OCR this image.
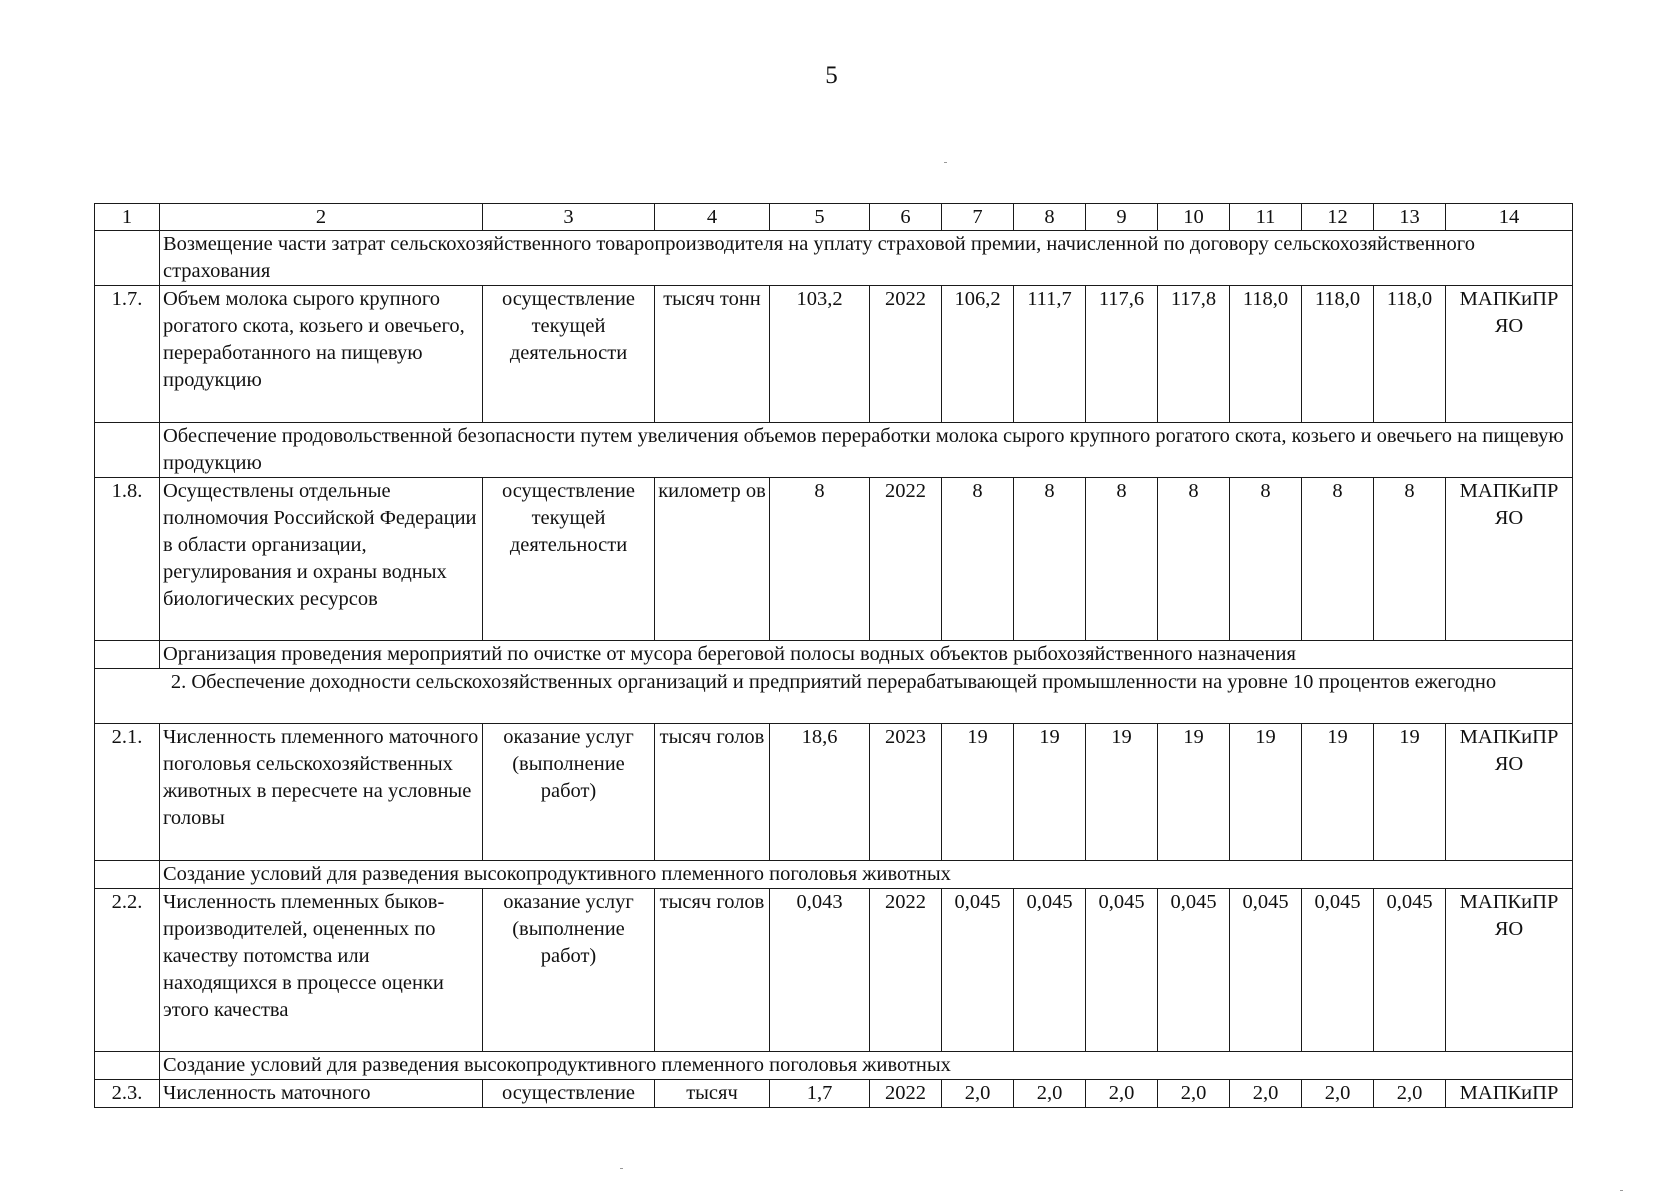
5
1	2	3	4	5	6	7	8	9	10	11	12	13	14
	Возмещение части затрат сельскохозяйственного товаропроизводителя на уплату страховой премии, начисленной по договору сельскохозяйственного страхования												
1.7.	Объем молока сырого крупного рогатого скота, козьего и овечьего, переработанного на пищевую продукцию	осуществление текущей деятельности	тысяч тонн	103,2	2022	106,2	111,7	117,6	117,8	118,0	118,0	118,0	МАПКиПР ЯО
	Обеспечение продовольственной безопасности путем увеличения объемов переработки молока сырого крупного рогатого скота, козьего и овечьего на пищевую продукцию												
1.8.	Осуществлены отдельные полномочия Российской Федерации в области организации, регулирования и охраны водных биологических ресурсов	осуществление текущей деятельности	километр ов	8	2022	8	8	8	8	8	8	8	МАПКиПР ЯО
	Организация проведения мероприятий по очистке от мусора береговой полосы водных объектов рыбохозяйственного назначения												
2. Обеспечение доходности сельскохозяйственных организаций и предприятий перерабатывающей промышленности на уровне 10 процентов ежегодно													
2.1.	Численность племенного маточного поголовья сельскохозяйственных животных в пересчете на условные головы	оказание услуг (выполнение работ)	тысяч голов	18,6	2023	19	19	19	19	19	19	19	МАПКиПР ЯО
	Создание условий для разведения высокопродуктивного племенного поголовья животных												
2.2.	Численность племенных быков-производителей, оцененных по качеству потомства или находящихся в процессе оценки этого качества	оказание услуг (выполнение работ)	тысяч голов	0,043	2022	0,045	0,045	0,045	0,045	0,045	0,045	0,045	МАПКиПР ЯО
	Создание условий для разведения высокопродуктивного племенного поголовья животных												
2.3.	Численность маточного	осуществление	тысяч	1,7	2022	2,0	2,0	2,0	2,0	2,0	2,0	2,0	МАПКиПР
